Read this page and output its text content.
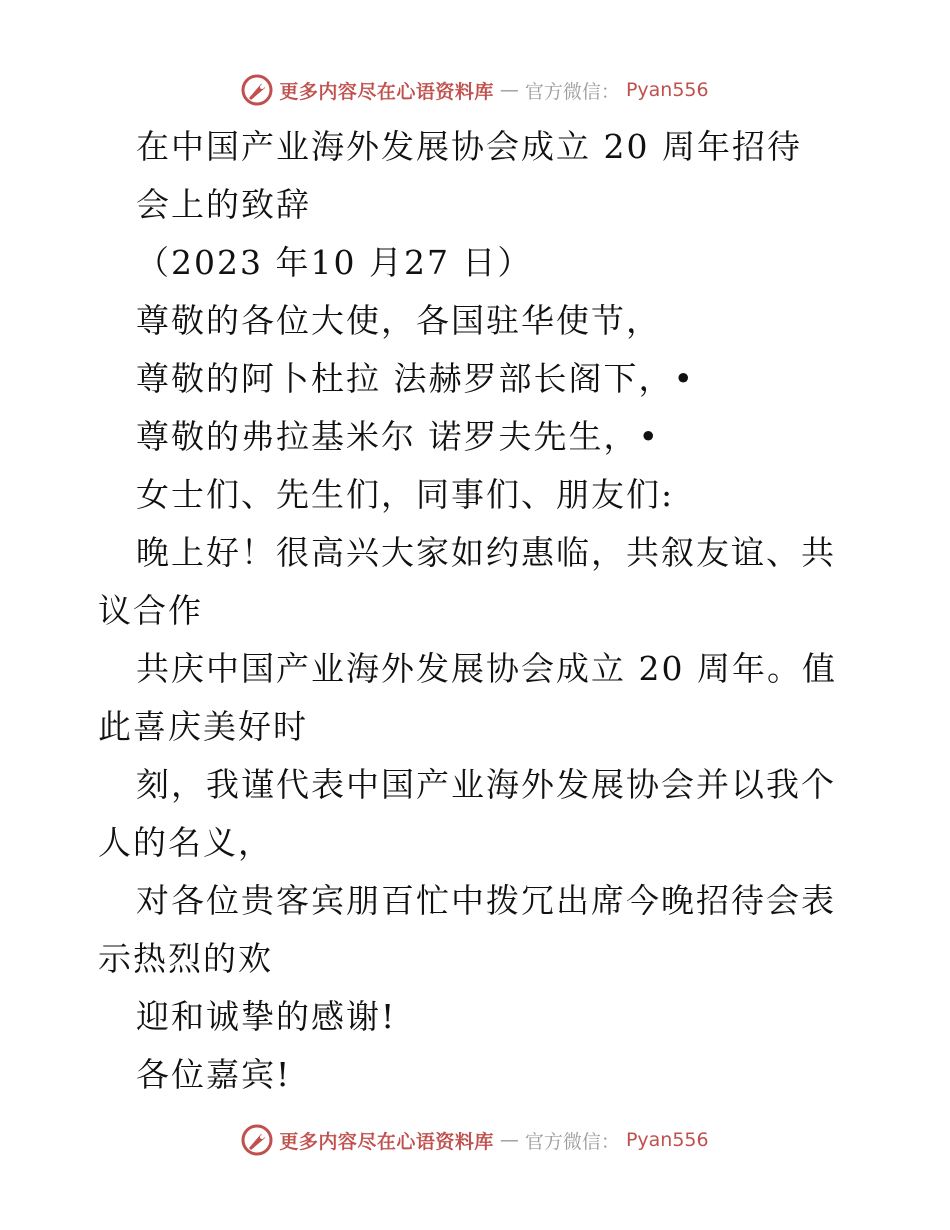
更多内容尽在心语资料库 — 官方微信： Pyan556

在中国产业海外发展协会成立 20 周年招待

会上的致辞

（2023 年10 月27 日）

尊敬的各位大使，各国驻华使节，

尊敬的阿卜杜拉 法赫罗部长阁下，•

尊敬的弗拉基米尔 诺罗夫先生，•

女士们、先生们，同事们、朋友们:

晚上好！很高兴大家如约惠临，共叙友谊、共议合作

共庆中国产业海外发展协会成立 20 周年。值此喜庆美好时

刻，我谨代表中国产业海外发展协会并以我个人的名义，

对各位贵客宾朋百忙中拨冗出席今晚招待会表示热烈的欢

迎和诚挚的感谢!

各位嘉宾!

更多内容尽在心语资料库 — 官方微信： Pyan556
